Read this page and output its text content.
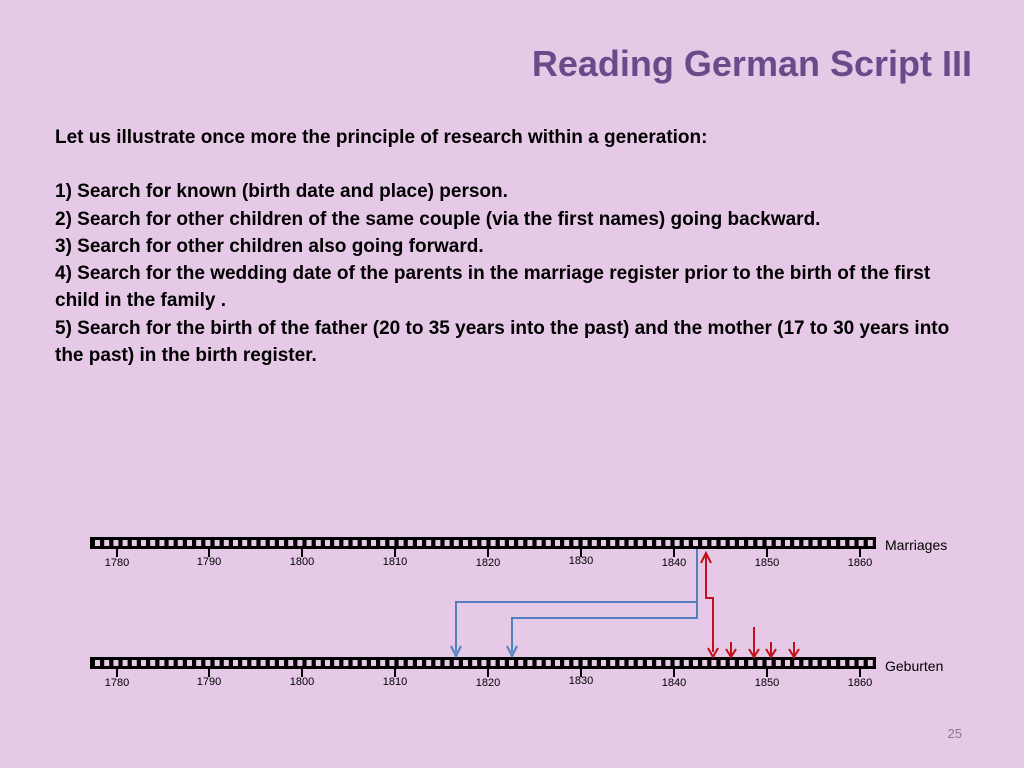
Reading German Script III

Let us illustrate once more the principle of research within a generation:

1) Search for known (birth date and place) person.

2) Search for other children of the same couple (via the first names) going backward.

3) Search for other children also going forward.

4) Search for the wedding date of the parents in the marriage register prior to the birth of the first child in the family .

5) Search for the birth of the father (20 to 35 years into the past) and the mother (17 to 30 years into the past) in the birth register.

1780	1790	1800	1810	1820	1830	1840	1850	1860
1780	1790	1800	1810	1820	1830	1840	1850	1860
Marriages
Geburten
25
